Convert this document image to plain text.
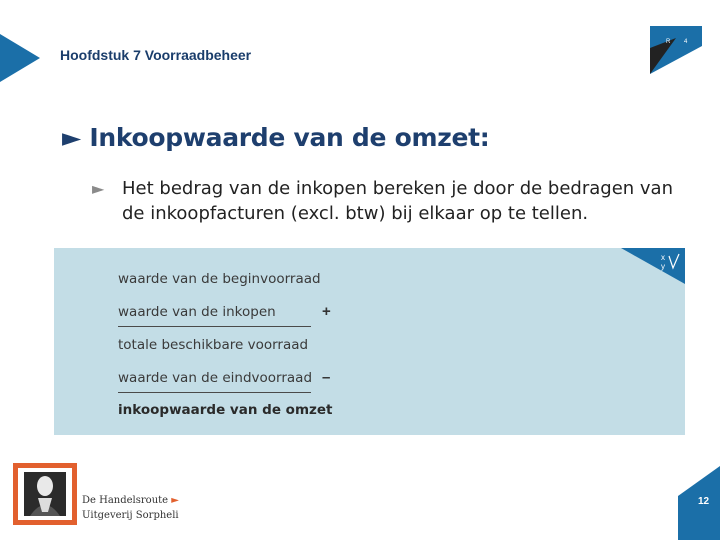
Hoofdstuk 7 Voorraadbeheer
R 4
► Inkoopwaarde van de omzet:
► Het bedrag van de inkopen bereken je door de bedragen van de inkoopfacturen (excl. btw) bij elkaar op te tellen.
x
y
waarde van de beginvoorraad
waarde van de inkopen	+
totale beschikbare voorraad
waarde van de eindvoorraad –
inkoopwaarde van de omzet
De Handelsroute ►
Uitgeverij Sorpheli
12
